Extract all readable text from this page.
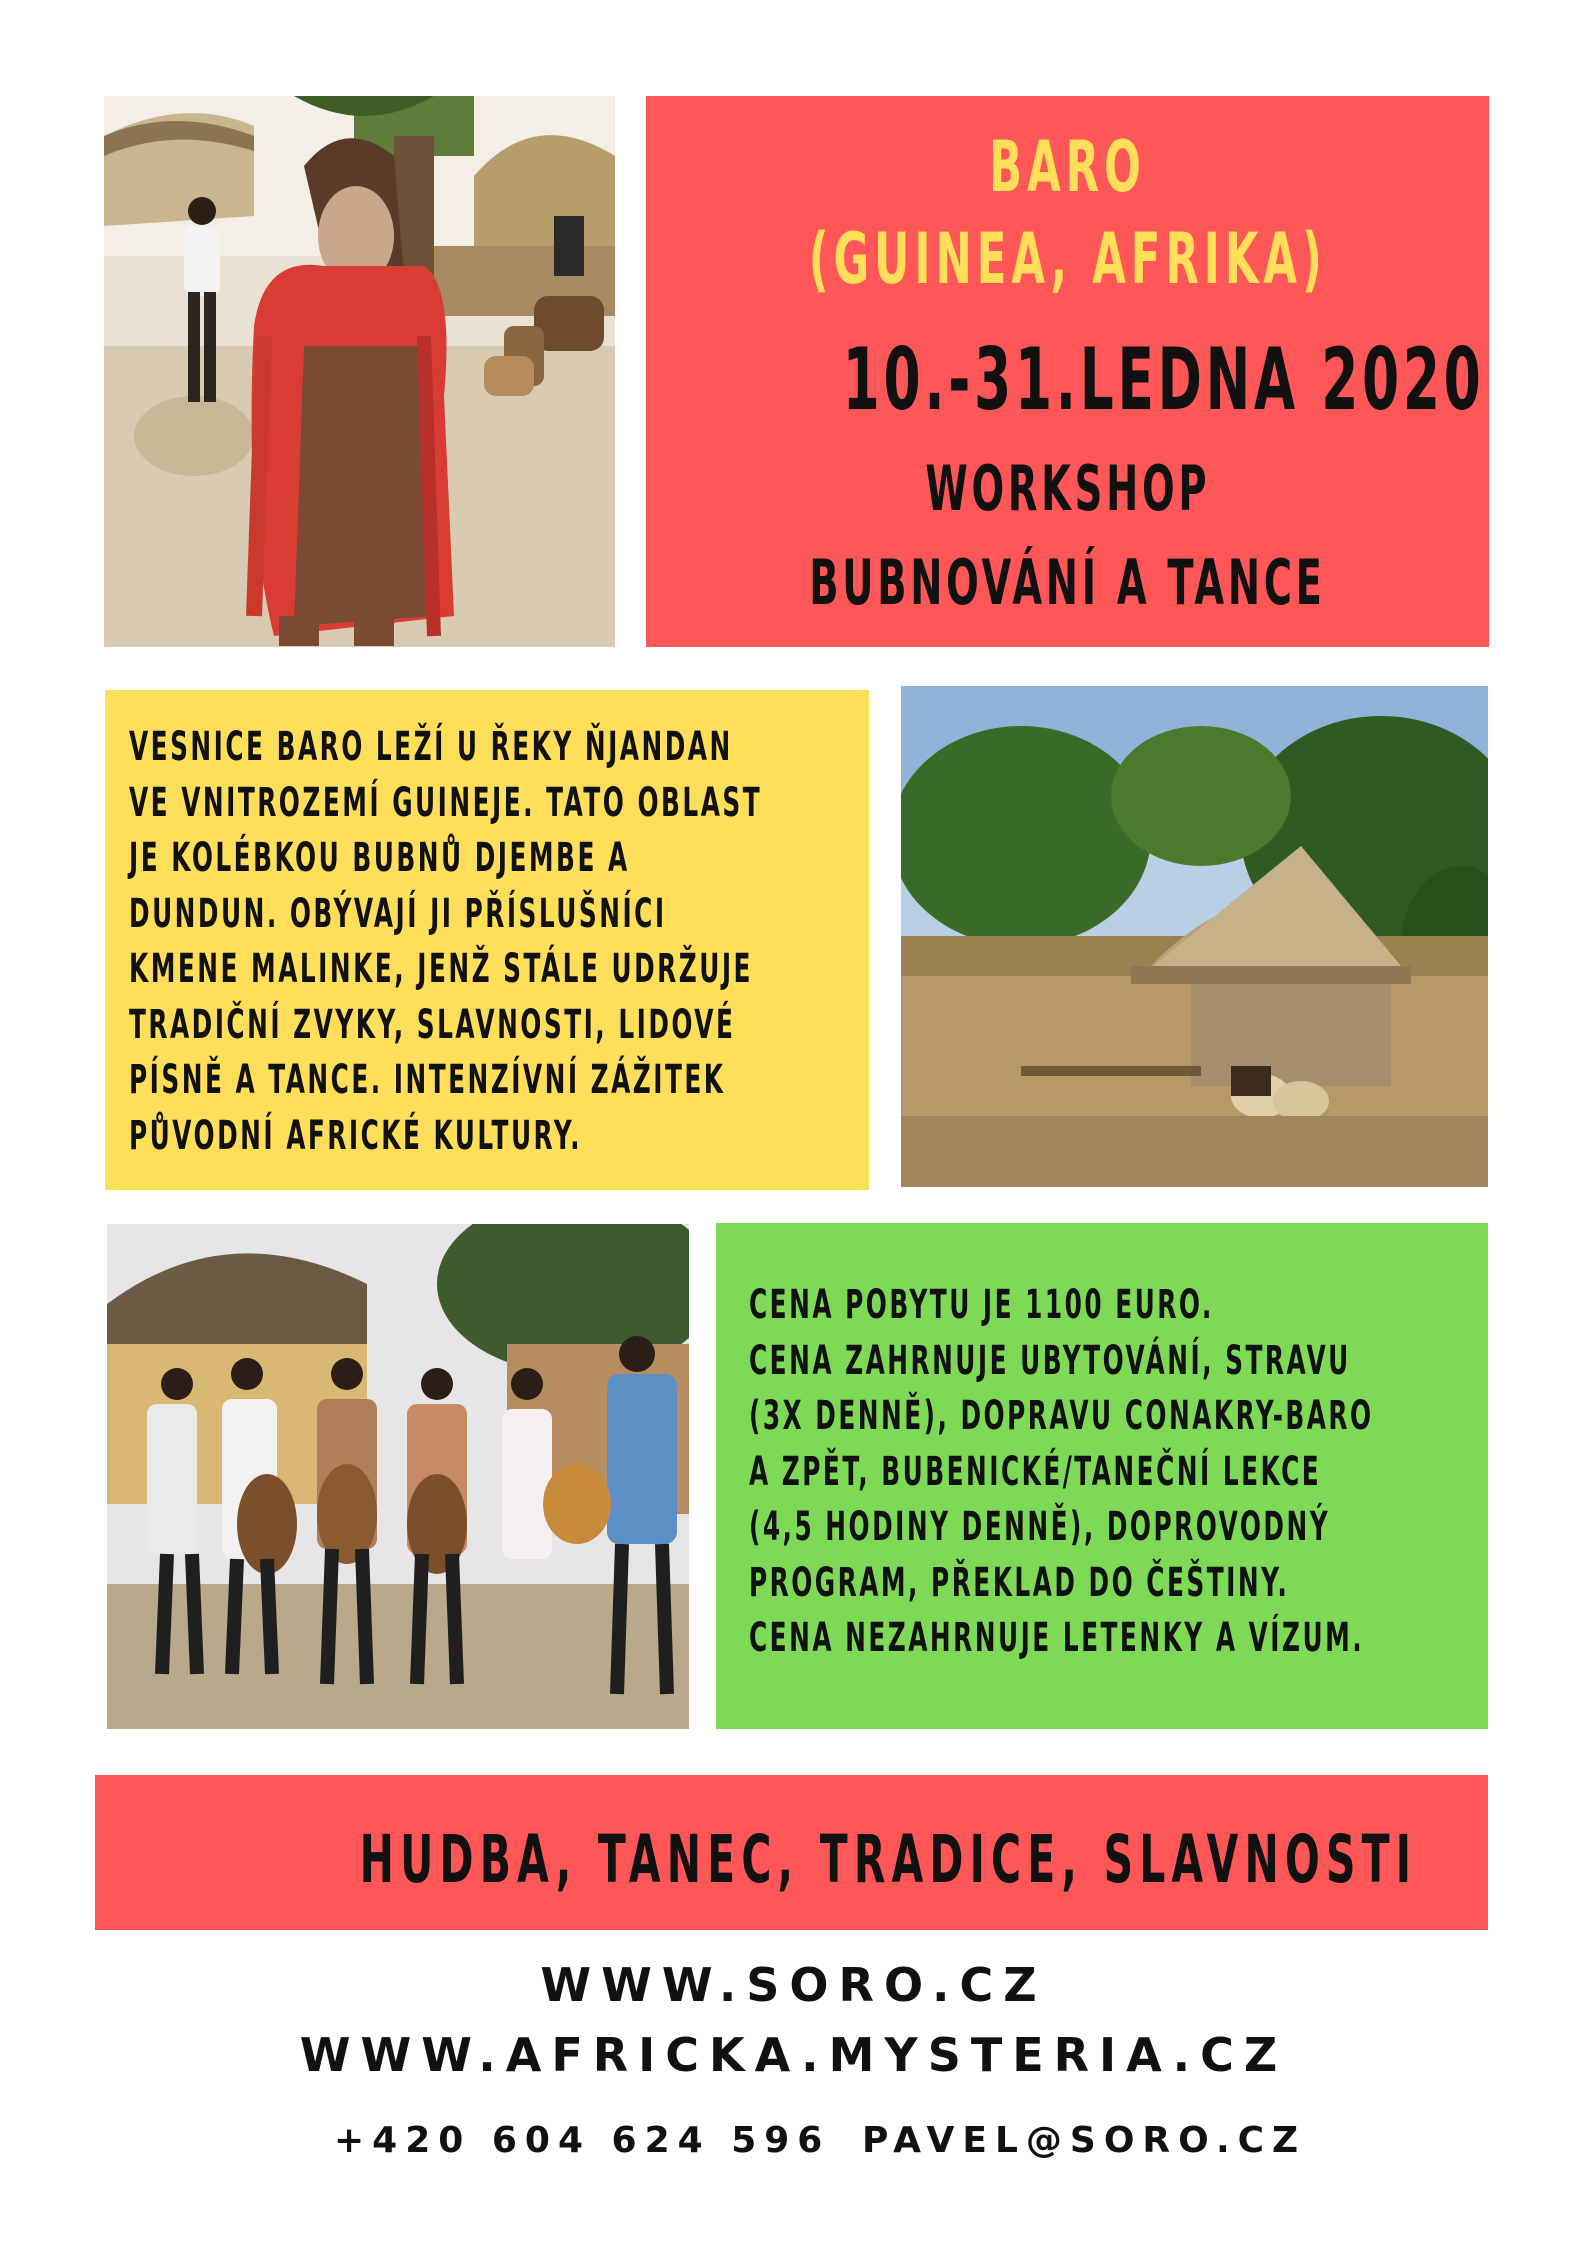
BARO
(GUINEA, AFRIKA)
10.-31.LEDNA 2020
WORKSHOP
BUBNOVÁNÍ A TANCE
VESNICE BARO LEŽÍ U ŘEKY ŇJANDAN
VE VNITROZEMÍ GUINEJE. TATO OBLAST
JE KOLÉBKOU BUBNŮ DJEMBE A
DUNDUN. OBÝVAJÍ JI PŘÍSLUŠNÍCI
KMENE MALINKE, JENŽ STÁLE UDRŽUJE
TRADIČNÍ ZVYKY, SLAVNOSTI, LIDOVÉ
PÍSNĚ A TANCE. INTENZÍVNÍ ZÁŽITEK
PŮVODNÍ AFRICKÉ KULTURY.
CENA POBYTU JE 1100 EURO.
CENA ZAHRNUJE UBYTOVÁNÍ, STRAVU
(3X DENNĚ), DOPRAVU CONAKRY-BARO
A ZPĚT, BUBENICKÉ/TANEČNÍ LEKCE
(4,5 HODINY DENNĚ), DOPROVODNÝ
PROGRAM, PŘEKLAD DO ČEŠTINY.
CENA NEZAHRNUJE LETENKY A VÍZUM.
HUDBA, TANEC, TRADICE, SLAVNOSTI
WWW.SORO.CZ
WWW.AFRICKA.MYSTERIA.CZ
+420 604 624 596 PAVEL@SORO.CZ
